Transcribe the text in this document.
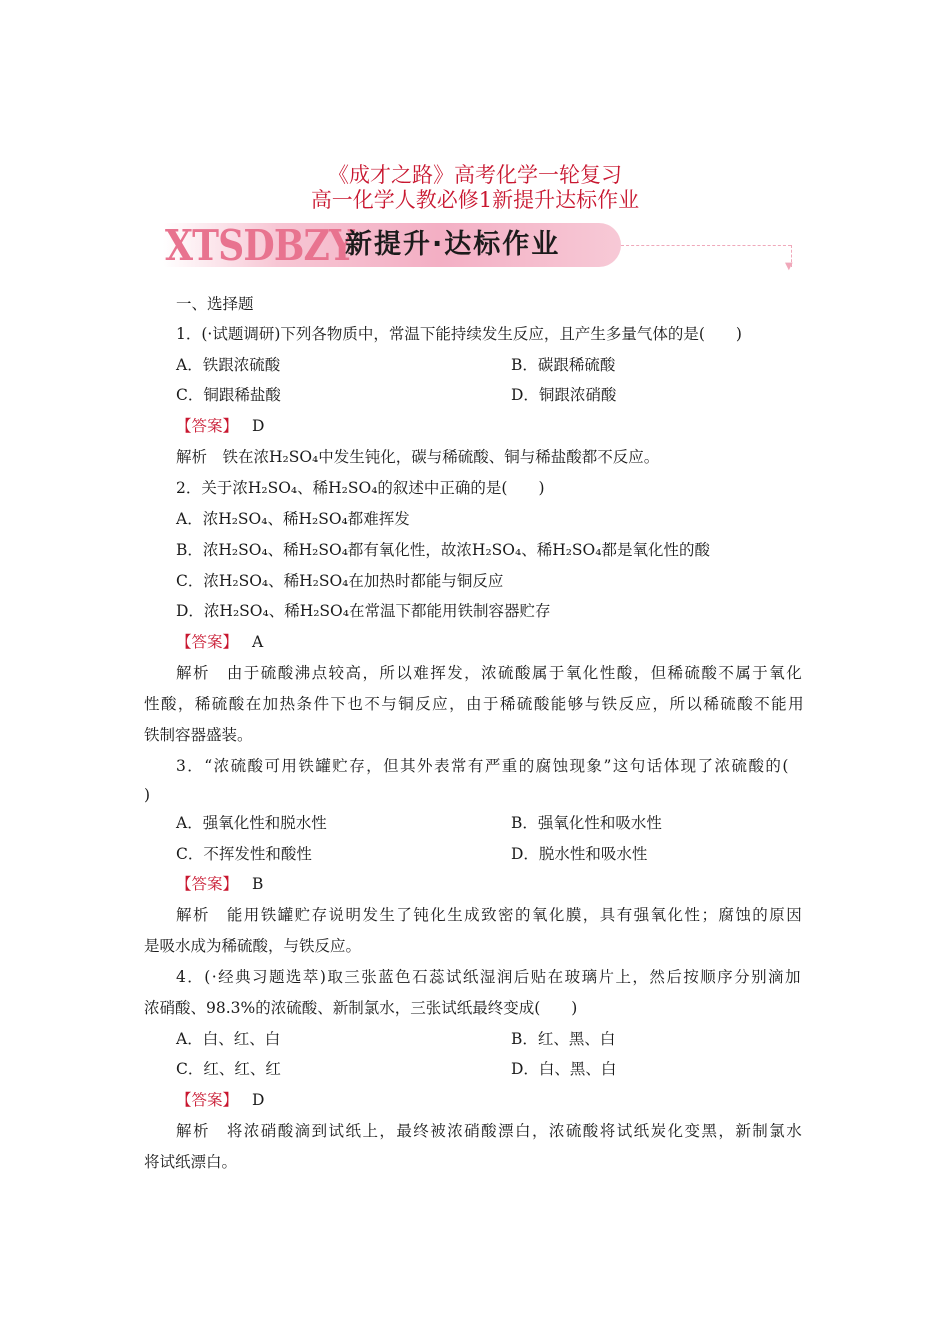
《成才之路》高考化学一轮复习
高一化学人教必修1新提升达标作业
XTSDBZY
新提升·达标作业
▼
一、选择题
1．(·试题调研)下列各物质中，常温下能持续发生反应，且产生多量气体的是(　　)
A．铁跟浓硫酸	B．碳跟稀硫酸
C．铜跟稀盐酸	D．铜跟浓硝酸
【答案】 D
解析　铁在浓H₂SO₄中发生钝化，碳与稀硫酸、铜与稀盐酸都不反应。
2．关于浓H₂SO₄、稀H₂SO₄的叙述中正确的是(　　)
A．浓H₂SO₄、稀H₂SO₄都难挥发
B．浓H₂SO₄、稀H₂SO₄都有氧化性，故浓H₂SO₄、稀H₂SO₄都是氧化性的酸
C．浓H₂SO₄、稀H₂SO₄在加热时都能与铜反应
D．浓H₂SO₄、稀H₂SO₄在常温下都能用铁制容器贮存
【答案】 A
解析　由于硫酸沸点较高，所以难挥发，浓硫酸属于氧化性酸，但稀硫酸不属于氧化
性酸，稀硫酸在加热条件下也不与铜反应，由于稀硫酸能够与铁反应，所以稀硫酸不能用
铁制容器盛装。
3．“浓硫酸可用铁罐贮存，但其外表常有严重的腐蚀现象”这句话体现了浓硫酸的(
)
A．强氧化性和脱水性	B．强氧化性和吸水性
C．不挥发性和酸性	D．脱水性和吸水性
【答案】 B
解析　能用铁罐贮存说明发生了钝化生成致密的氧化膜，具有强氧化性；腐蚀的原因
是吸水成为稀硫酸，与铁反应。
4．(·经典习题选萃)取三张蓝色石蕊试纸湿润后贴在玻璃片上，然后按顺序分别滴加
浓硝酸、98.3%的浓硫酸、新制氯水，三张试纸最终变成(　　)
A．白、红、白	B．红、黑、白
C．红、红、红	D．白、黑、白
【答案】 D
解析　将浓硝酸滴到试纸上，最终被浓硝酸漂白，浓硫酸将试纸炭化变黑，新制氯水
将试纸漂白。
